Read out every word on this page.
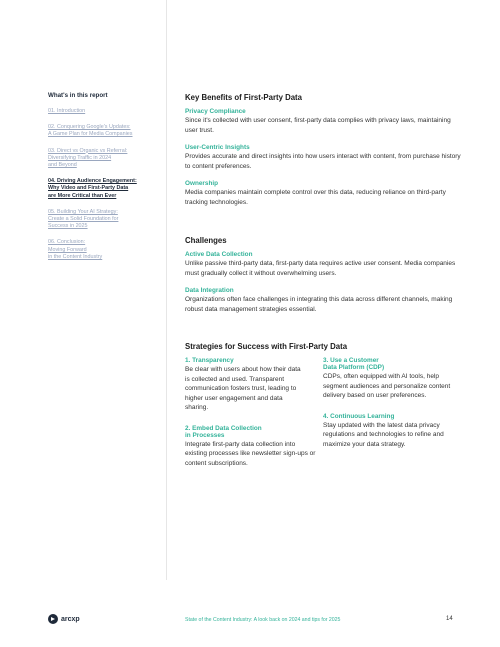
What's in this report
01. Introduction
02. Conquering Google's Updates:
A Game Plan for Media Companies
03. Direct vs Organic vs Referral:
Diversifying Traffic in 2024
and Beyond
04. Driving Audience Engagement:
Why Video and First-Party Data
are More Critical than Ever
05. Building Your AI Strategy:
Create a Solid Foundation for
Success in 2025
06. Conclusion:
Moving Forward
in the Content Industry
Key Benefits of First-Party Data

Privacy Compliance

Since it's collected with user consent, first-party data complies with privacy laws, maintaining user trust.

User-Centric Insights

Provides accurate and direct insights into how users interact with content, from purchase history to content preferences.

Ownership

Media companies maintain complete control over this data, reducing reliance on third-party tracking technologies.

Challenges

Active Data Collection

Unlike passive third-party data, first-party data requires active user consent. Media companies must gradually collect it without overwhelming users.

Data Integration

Organizations often face challenges in integrating this data across different channels, making robust data management strategies essential.

Strategies for Success with First-Party Data

1. Transparency

Be clear with users about how their data is collected and used. Transparent communication fosters trust, leading to higher user engagement and data sharing.

2. Embed Data Collection

in Processes

Integrate first-party data collection into existing processes like newsletter sign-ups or content subscriptions.

3. Use a Customer

Data Platform (CDP)

CDPs, often equipped with AI tools, help segment audiences and personalize content delivery based on user preferences.

4. Continuous Learning

Stay updated with the latest data privacy regulations and technologies to refine and maximize your data strategy.

arcxp	State of the Content Industry: A look back on 2024 and tips for 2025	14
